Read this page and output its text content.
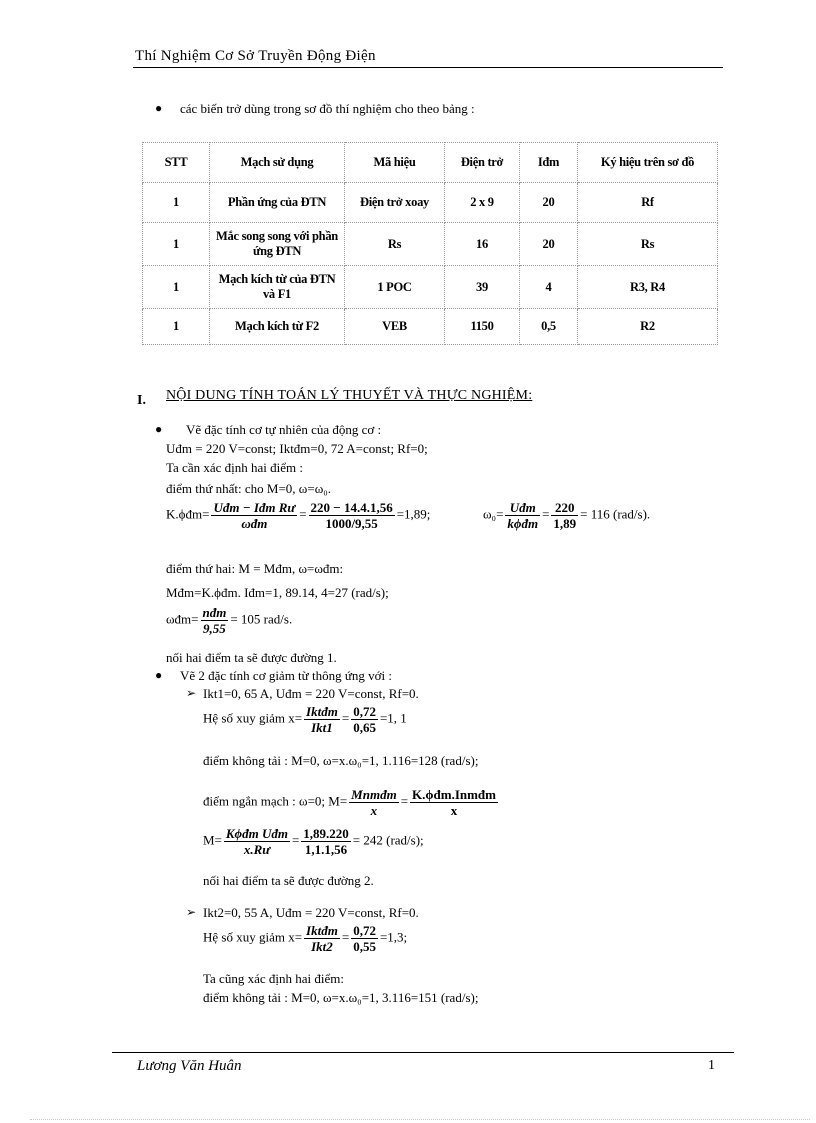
Thí Nghiệm Cơ Sở Truyền Động Điện
● các biến trở dùng trong sơ đồ thí nghiệm cho theo bảng :
STT	Mạch sử dụng	Mã hiệu	Điện trở	Iđm	Ký hiệu trên sơ đồ
1	Phần ứng của ĐTN	Điện trở xoay	2 x 9	20	Rf
1	Mắc song song với phần ứng ĐTN	Rs	16	20	Rs
1	Mạch kích từ của ĐTN và F1	1 POC	39	4	R3, R4
1	Mạch kích từ F2	VEB	1150	0,5	R2
I. NỘI DUNG TÍNH TOÁN LÝ THUYẾT VÀ THỰC NGHIỆM:
● Vẽ đặc tính cơ tự nhiên của động cơ :
Uđm = 220 V=const; Iktđm=0, 72 A=const; Rf=0;
Ta cần xác định hai điểm :
điểm thứ nhất: cho M=0, ω=ω₀.
K.ϕđm= $\frac{\text{Uđm − Iđm Rư}}{\text{ωđm}} = \frac{220 - 14.4.1,56}{1000/9,55} =1,89$;	$\omega_0= \frac{\text{Uđm}}{\text{kϕđm}} = \frac{220}{1,89} = 116$ (rad/s).
điểm thứ hai: M = Mđm, ω=ωđm:
Mđm=K.ϕđm. Iđm=1, 89.14, 4=27 (rad/s);
ωđm= $\frac{\text{nđm}}{9,55} = 105$ rad/s.
nối hai điểm ta sẽ được đường 1.
● Vẽ 2 đặc tính cơ giảm từ thông ứng với :
➢ Ikt1=0, 65 A, Uđm = 220 V=const, Rf=0.
Hệ số xuy giảm $x= \frac{\text{Iktđm}}{\text{Ikt1}} = \frac{0,72}{0,65} =1$, 1
điểm không tải : M=0, ω=x.ω₀=1, 1.116=128 (rad/s);
điểm ngắn mạch : ω=0; $M= \frac{\text{Mnmđm}}{x} = \frac{\text{K.ϕđm.Inmđm}}{x}$
$M= \frac{\text{Kϕđm Uđm}}{x.Rư} = \frac{1,89.220}{1,1.1,56} = 242$ (rad/s);
nối hai điểm ta sẽ được đường 2.
➢ Ikt2=0, 55 A, Uđm = 220 V=const, Rf=0.
Hệ số xuy giảm $x= \frac{\text{Iktđm}}{\text{Ikt2}} = \frac{0,72}{0,55} =1,3$;
Ta cũng xác định hai điểm:
điểm không tải : M=0, ω=x.ω₀=1, 3.116=151 (rad/s);
Lương Văn Huân	1
